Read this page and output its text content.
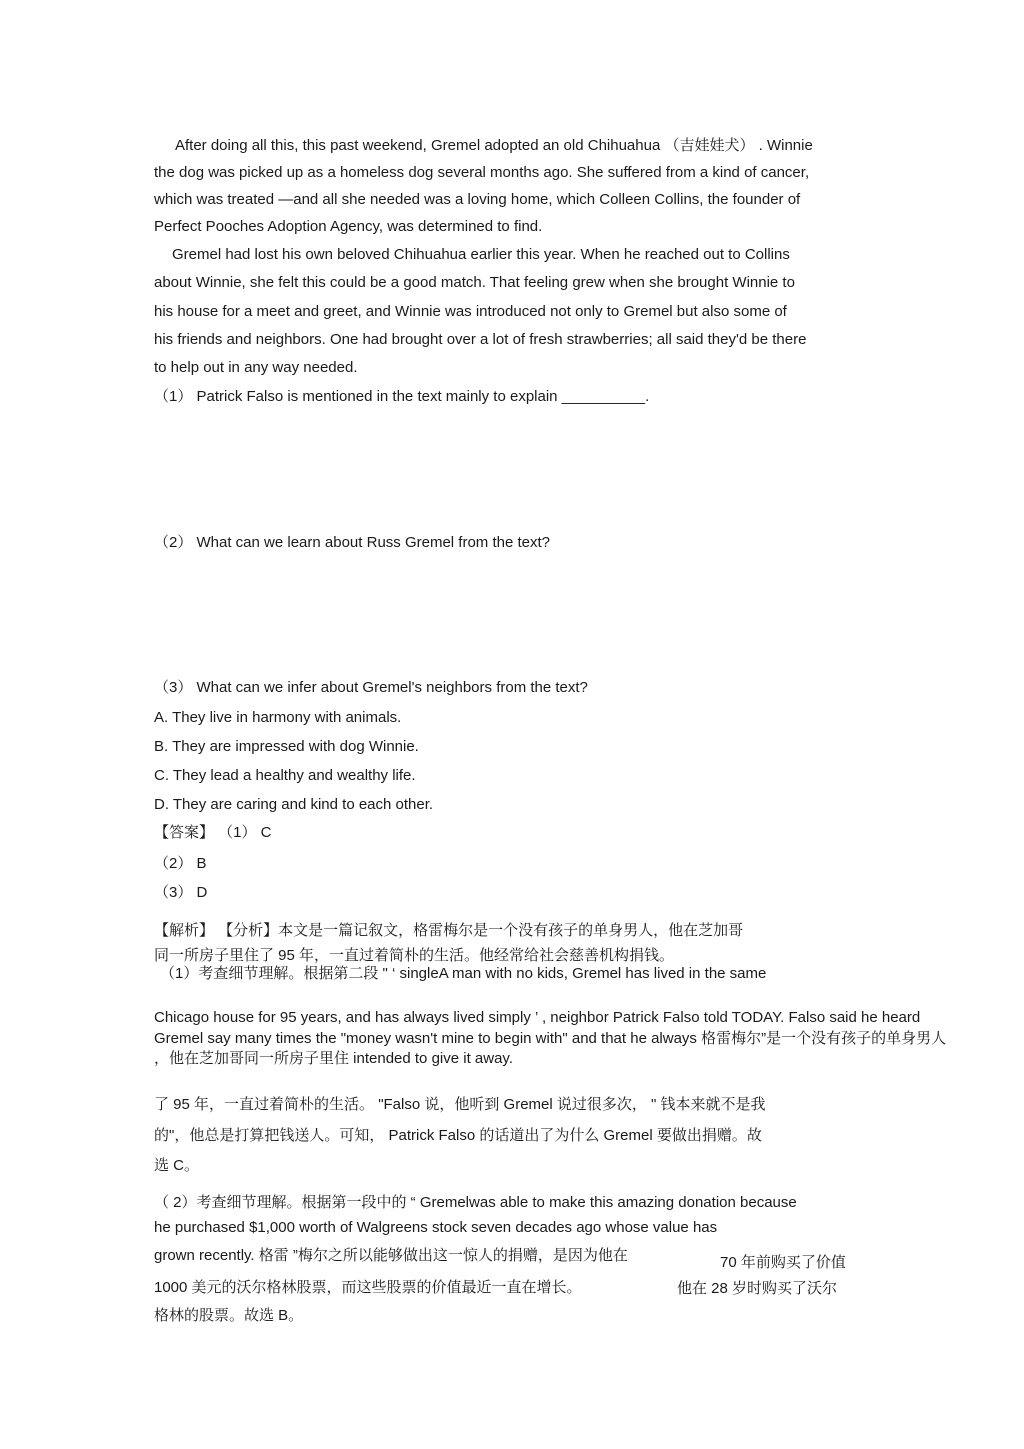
After doing all this, this past weekend, Gremel adopted an old Chihuahua （吉娃娃犬） . Winnie
the dog was picked up as a homeless dog several months ago. She suffered from a kind of cancer,
which was treated —and all she needed was a loving home, which Colleen Collins, the founder of
Perfect Pooches Adoption Agency, was determined to find.
Gremel had lost his own beloved Chihuahua earlier this year. When he reached out to Collins
about Winnie, she felt this could be a good match. That feeling grew when she brought Winnie to
his house for a meet and greet, and Winnie was introduced not only to Gremel but also some of
his friends and neighbors. One had brought over a lot of fresh strawberries; all said they'd be there
to help out in any way needed.
（1） Patrick Falso is mentioned in the text mainly to explain __________.
（2） What can we learn about Russ Gremel from the text?
（3） What can we infer about Gremel's neighbors from the text?
A. They live in harmony with animals.
B. They are impressed with dog Winnie.
C. They lead a healthy and wealthy life.
D. They are caring and kind to each other.
【答案】 （1） C
（2） B
（3） D
【解析】 【分析】本文是一篇记叙文，格雷梅尔是一个没有孩子的单身男人，他在芝加哥
同一所房子里住了 95 年，一直过着简朴的生活。他经常给社会慈善机构捐钱。
（1）考查细节理解。根据第二段 " ‘ singleA man with no kids, Gremel has lived in the same
Chicago house for 95 years, and has always lived simply ’ , neighbor Patrick Falso told TODAY. Falso said he heard
Gremel say many times the "money wasn't mine to begin with" and that he always 格雷梅尔”是一个没有孩子的单身男人
，他在芝加哥同一所房子里住 intended to give it away.
了 95 年，一直过着简朴的生活。 "Falso 说，他听到 Gremel 说过很多次， " 钱本来就不是我
的"，他总是打算把钱送人。可知， Patrick Falso 的话道出了为什么 Gremel 要做出捐赠。故
选 C。
（ 2）考查细节理解。根据第一段中的 “ Gremelwas able to make this amazing donation because
he purchased $1,000 worth of Walgreens stock seven decades ago whose value has
grown recently. 格雷 ”梅尔之所以能够做出这一惊人的捐赠，是因为他在	70 年前购买了价值
1000 美元的沃尔格林股票，而这些股票的价值最近一直在增长。	他在 28 岁时购买了沃尔
格林的股票。故选 B。
